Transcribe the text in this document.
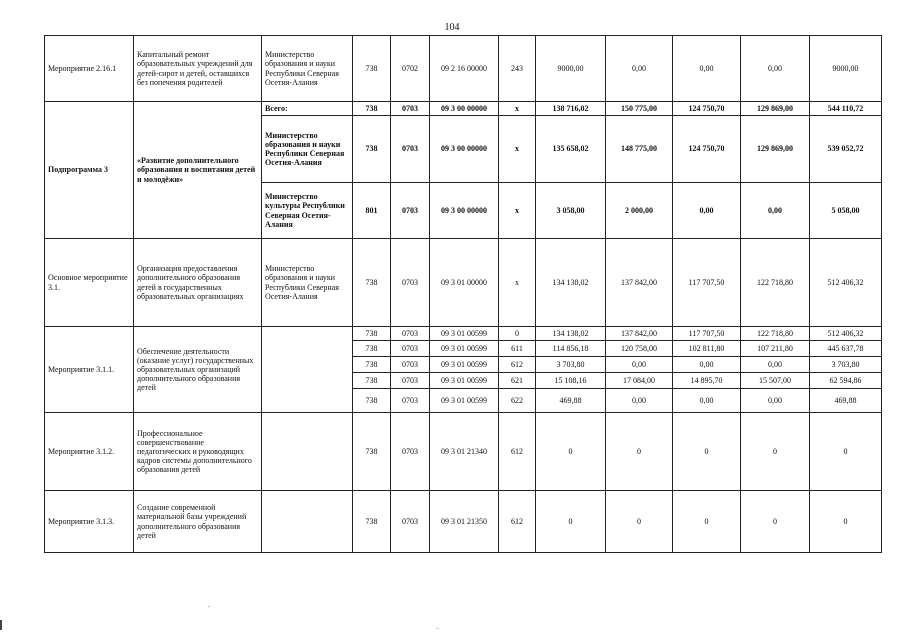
104
Мероприятие 2.16.1	Капитальный ремонт образовательных учреждений для детей-сирот и детей, оставшихся без попечения родителей	Министерство образования и науки Республики Северная Осетия-Алания	738	0702	09 2 16 00000	243	9000,00	0,00	0,00	0,00	9000,00
Подпрограмма 3	«Развитие дополнительного образования и воспитания детей и молодёжи»	Всего:	738	0703	09 3 00 00000	x	138 716,02	150 775,00	124 750,70	129 869,00	544 110,72
		Министерство образования и науки Республики Северная Осетия-Алания	738	0703	09 3 00 00000	x	135 658,02	148 775,00	124 750,70	129 869,00	539 052,72
		Министерство культуры Республики Северная Осетия-Алания	801	0703	09 3 00 00000	x	3 058,00	2 000,00	0,00	0,00	5 058,00
Основное мероприятие 3.1.	Организация предоставления дополнительного образования детей в государственных образовательных организациях	Министерство образования и науки Республики Северная Осетия-Алания	738	0703	09 3 01 00000	x	134 138,02	137 842,00	117 707,50	122 718,80	512 406,32
Мероприятие 3.1.1.	Обеспечение деятельности (оказание услуг) государственных образовательных организаций дополнительного образования детей		738	0703	09 3 01 00599	0	134 138,02	137 842,00	117 707,50	122 718,80	512 406,32
			738	0703	09 3 01 00599	611	114 856,18	120 758,00	102 811,80	107 211,80	445 637,78
			738	0703	09 3 01 00599	612	3 703,80	0,00	0,00	0,00	3 703,80
			738	0703	09 3 01 00599	621	15 108,16	17 084,00	14 895,70	15 507,00	62 594,86
			738	0703	09 3 01 00599	622	469,88	0,00	0,00	0,00	469,88
Мероприятие 3.1.2.	Профессиональное совершенствование педагогических и руководящих кадров системы дополнительного образования детей		738	0703	09 3 01 21340	612	0	0	0	0	0
Мероприятие 3.1.3.	Создание современной материальной базы учреждений дополнительного образования детей		738	0703	09 3 01 21350	612	0	0	0	0	0
